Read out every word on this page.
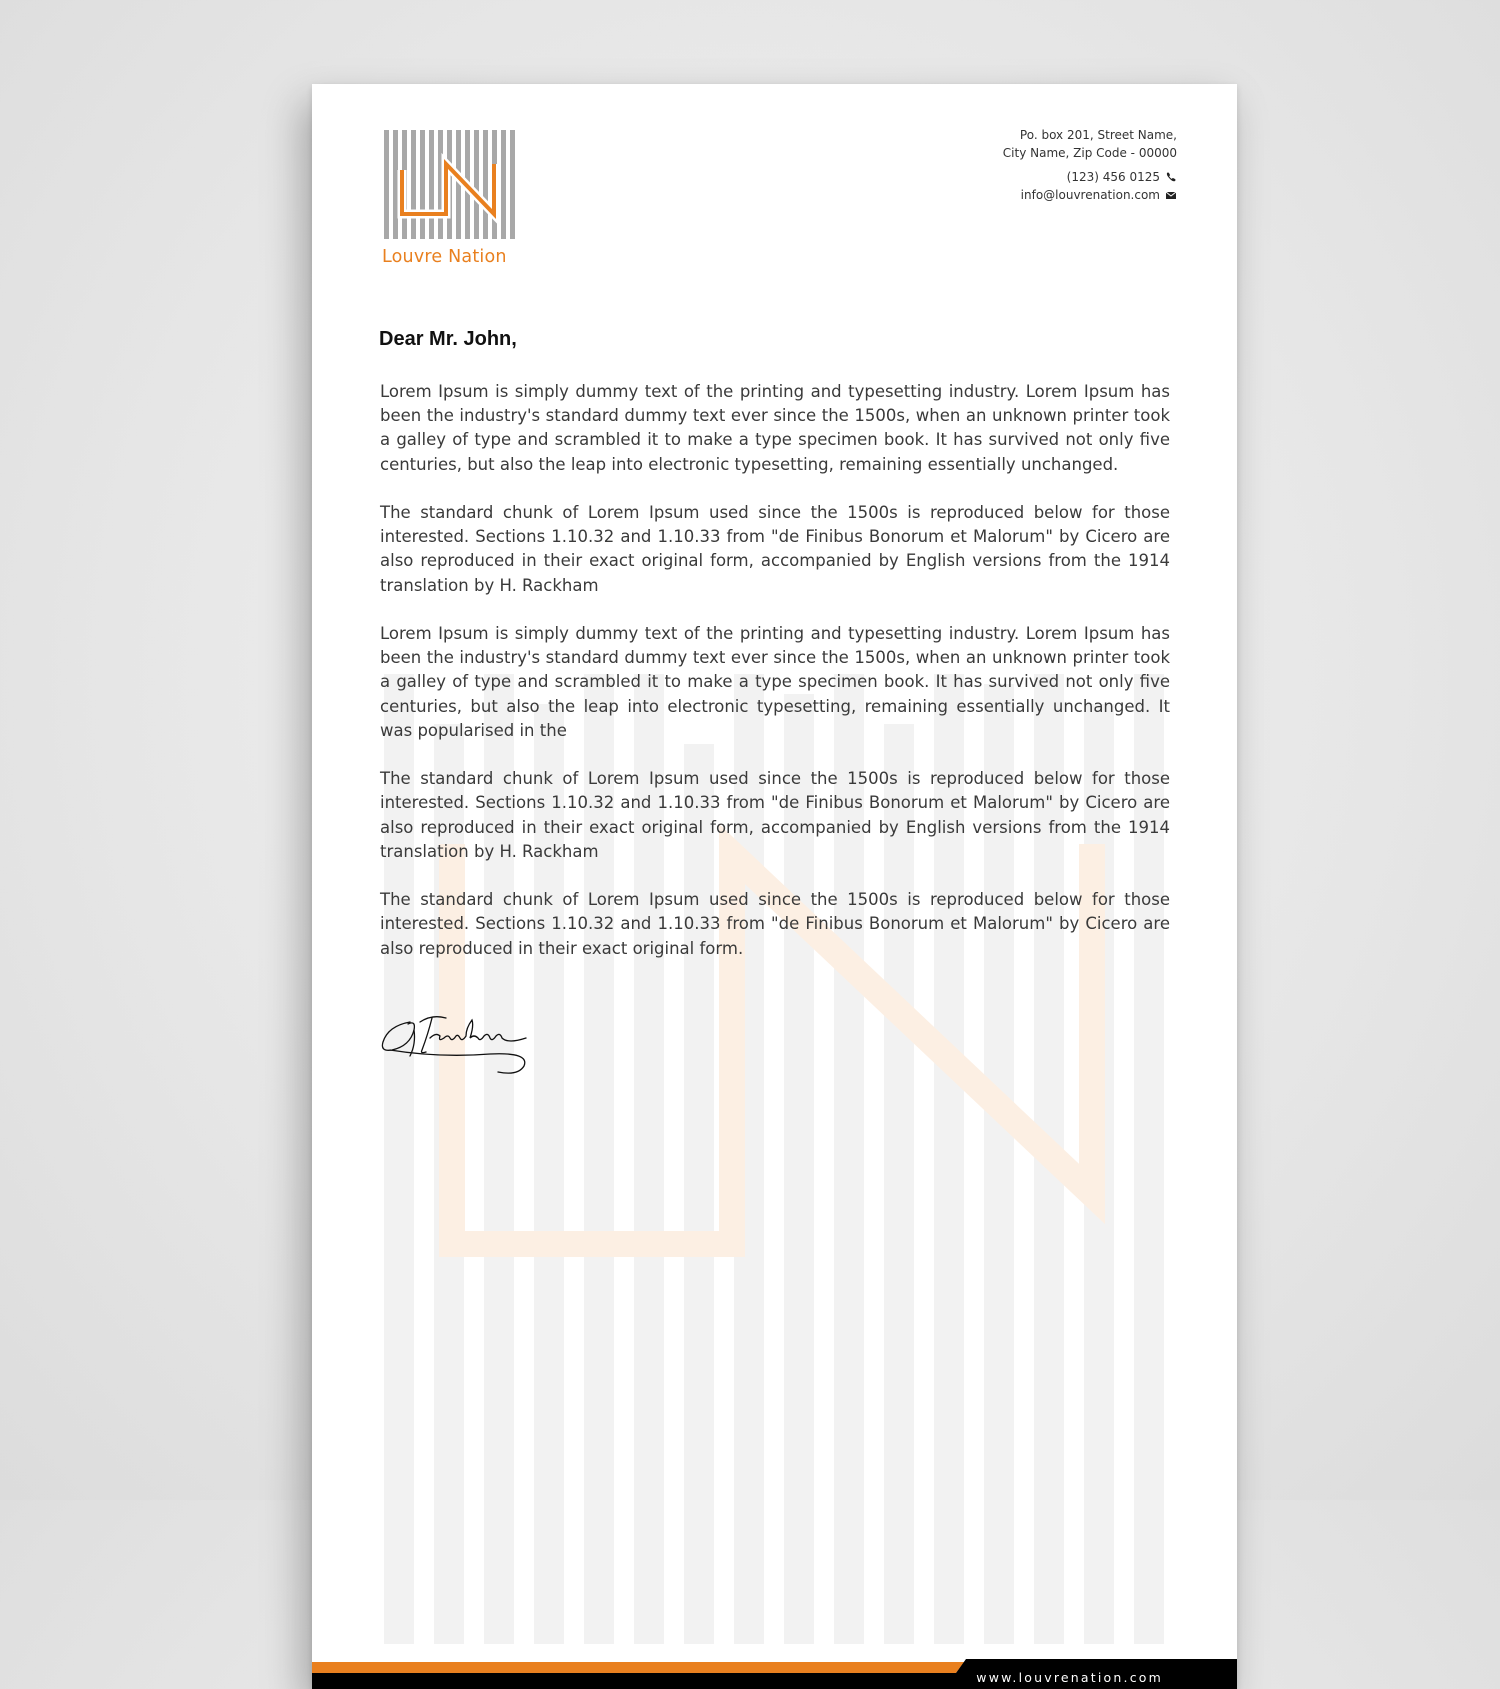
Louvre Nation
Po. box 201, Street Name,
City Name, Zip Code - 00000
(123) 456 0125
info@louvrenation.com
Dear Mr. John,

Lorem Ipsum is simply dummy text of the printing and typesetting industry. Lorem Ipsum has been the industry's standard dummy text ever since the 1500s, when an unknown printer took a galley of type and scrambled it to make a type specimen book. It has survived not only five centuries, but also the leap into electronic typesetting, remaining essentially unchanged.

The standard chunk of Lorem Ipsum used since the 1500s is reproduced below for those interested. Sections 1.10.32 and 1.10.33 from "de Finibus Bonorum et Malorum" by Cicero are also reproduced in their exact original form, accompanied by English versions from the 1914 translation by H. Rackham

Lorem Ipsum is simply dummy text of the printing and typesetting industry. Lorem Ipsum has been the industry's standard dummy text ever since the 1500s, when an unknown printer took a galley of type and scrambled it to make a type specimen book. It has survived not only five centuries, but also the leap into electronic typesetting, remaining essentially unchanged. It was popularised in the

The standard chunk of Lorem Ipsum used since the 1500s is reproduced below for those interested. Sections 1.10.32 and 1.10.33 from "de Finibus Bonorum et Malorum" by Cicero are also reproduced in their exact original form, accompanied by English versions from the 1914 translation by H. Rackham

The standard chunk of Lorem Ipsum used since the 1500s is reproduced below for those interested. Sections 1.10.32 and 1.10.33 from "de Finibus Bonorum et Malorum" by Cicero are also reproduced in their exact original form.

www.louvrenation.com
